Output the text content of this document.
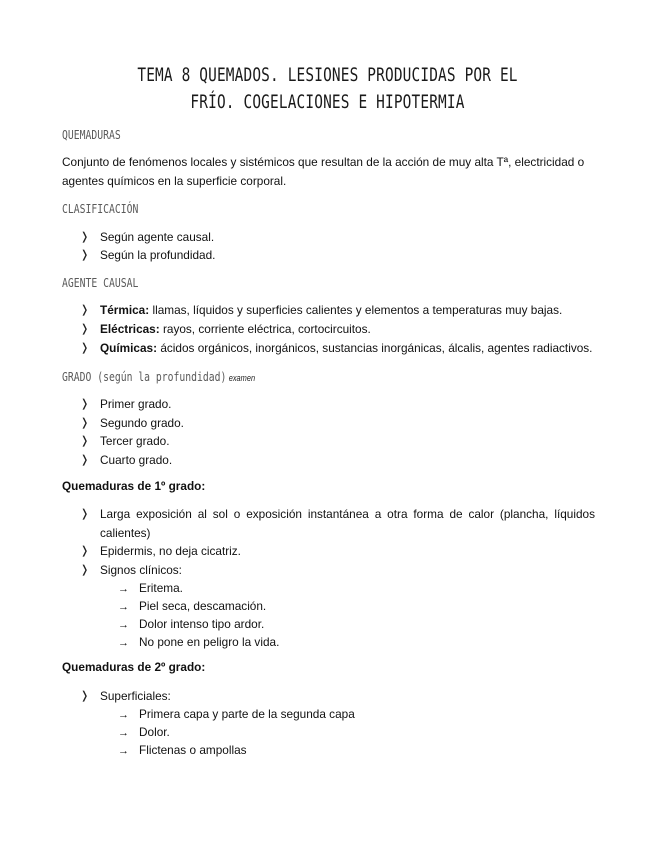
TEMA 8 QUEMADOS. LESIONES PRODUCIDAS POR EL FRÍO. COGELACIONES E HIPOTERMIA
QUEMADURAS
Conjunto de fenómenos locales y sistémicos que resultan de la acción de muy alta Tª, electricidad o agentes químicos en la superficie corporal.
CLASIFICACIÓN
❭ Según agente causal.
❭ Según la profundidad.
AGENTE CAUSAL
❭ Térmica: llamas, líquidos y superficies calientes y elementos a temperaturas muy bajas.
❭ Eléctricas: rayos, corriente eléctrica, cortocircuitos.
❭ Químicas: ácidos orgánicos, inorgánicos, sustancias inorgánicas, álcalis, agentes radiactivos.
GRADO (según la profundidad) examen
❭ Primer grado.
❭ Segundo grado.
❭ Tercer grado.
❭ Cuarto grado.
Quemaduras de 1º grado:
❭ Larga exposición al sol o exposición instantánea a otra forma de calor (plancha, líquidos calientes)
❭ Epidermis, no deja cicatriz.
❭ Signos clínicos:
→ Eritema.
→ Piel seca, descamación.
→ Dolor intenso tipo ardor.
→ No pone en peligro la vida.
Quemaduras de 2º grado:
❭ Superficiales:
→ Primera capa y parte de la segunda capa
→ Dolor.
→ Flictenas o ampollas
